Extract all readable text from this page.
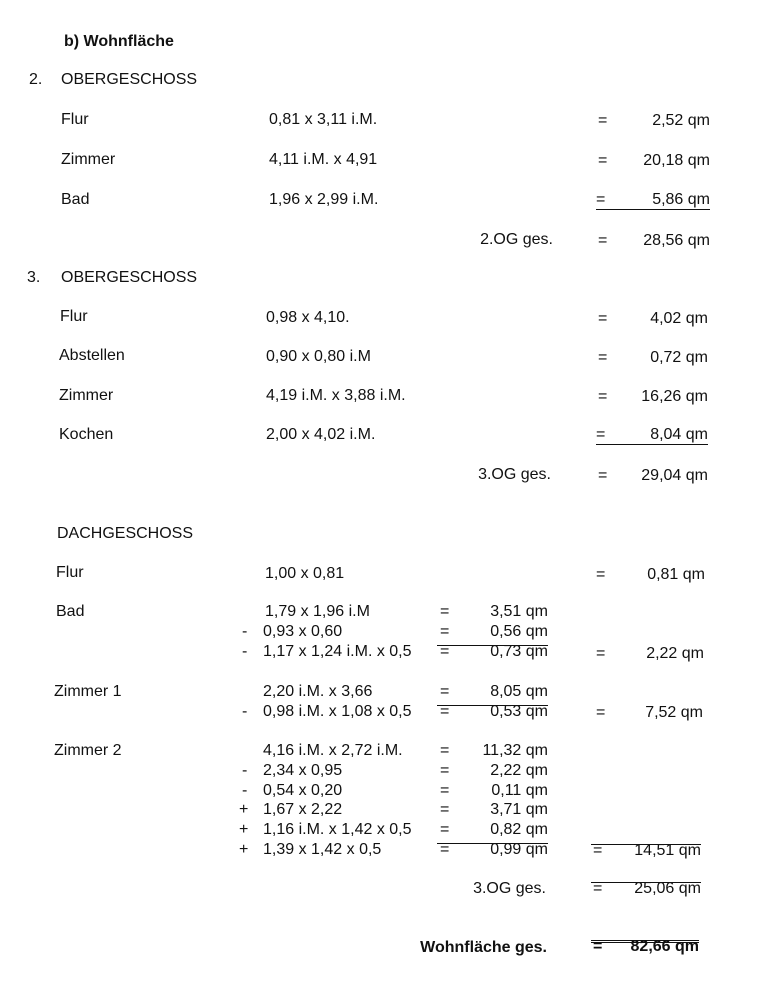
b) Wohnfläche
2. OBERGESCHOSS
Flur	0,81 x 3,11 i.M.	=	2,52 qm
Zimmer	4,11 i.M. x 4,91	=	20,18 qm
Bad	1,96 x 2,99 i.M.	=	5,86 qm
2.OG ges.	=	28,56 qm
3. OBERGESCHOSS
Flur	0,98 x 4,10.	=	4,02 qm
Abstellen	0,90 x 0,80 i.M	=	0,72 qm
Zimmer	4,19 i.M. x 3,88 i.M.	=	16,26 qm
Kochen	2,00 x 4,02 i.M.	=	8,04 qm
3.OG ges.	=	29,04 qm
DACHGESCHOSS
Flur	1,00 x 0,81	=	0,81 qm
Bad	1,79 x 1,96 i.M	=	3,51 qm
- 0,93 x 0,60	=	0,56 qm
- 1,17 x 1,24 i.M. x 0,5 =	0,73 qm	=	2,22 qm
Zimmer 1	2,20 i.M. x 3,66	=	8,05 qm
- 0,98 i.M. x 1,08 x 0,5 =	0,53 qm	=	7,52 qm
Zimmer 2	4,16 i.M. x 2,72 i.M. =	11,32 qm
- 2,34 x 0,95	=	2,22 qm
- 0,54 x 0,20	=	0,11 qm
+ 1,67 x 2,22	=	3,71 qm
+ 1,16 i.M. x 1,42 x 0,5 =	0,82 qm
+ 1,39 x 1,42 x 0,5	=	0,99 qm	= 14,51 qm
3.OG ges.	= 25,06 qm
Wohnfläche ges.	= 82,66 qm
